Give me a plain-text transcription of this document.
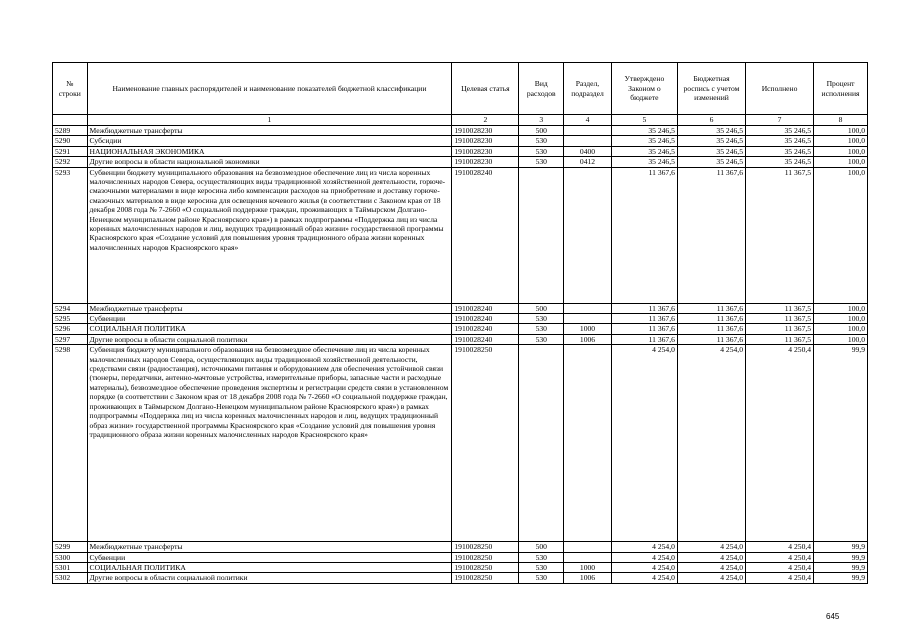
№ строки	Наименование главных распорядителей и наименование показателей бюджетной классификации	Целевая статья	Вид расходов	Раздел, подраздел	Утверждено Законом о бюджете	Бюджетная роспись с учетом изменений	Исполнено	Процент исполнения
	1	2	3	4	5	6	7	8
5289	Межбюджетные трансферты	1910028230	500		35 246,5	35 246,5	35 246,5	100,0
5290	Субсидии	1910028230	530		35 246,5	35 246,5	35 246,5	100,0
5291	НАЦИОНАЛЬНАЯ ЭКОНОМИКА	1910028230	530	0400	35 246,5	35 246,5	35 246,5	100,0
5292	Другие вопросы в области национальной экономики	1910028230	530	0412	35 246,5	35 246,5	35 246,5	100,0
5293	Субвенции бюджету муниципального образования на безвозмездное обеспечение лиц из числа коренных малочисленных народов Севера, осуществляющих виды традиционной хозяйственной деятельности, горюче-смазочными материалами в виде керосина либо компенсации расходов на приобретение и доставку горюче-смазочных материалов в виде керосина для освещения кочевого жилья (в соответствии с Законом края от 18 декабря 2008 года № 7-2660 «О социальной поддержке граждан, проживающих в Таймырском Долгано-Ненецком муниципальном районе Красноярского края») в рамках подпрограммы «Поддержка лиц из числа коренных малочисленных народов и лиц, ведущих традиционный образ жизни» государственной программы Красноярского края «Создание условий для повышения уровня традиционного образа жизни коренных малочисленных народов Красноярского края»	1910028240			11 367,6	11 367,6	11 367,5	100,0
5294	Межбюджетные трансферты	1910028240	500		11 367,6	11 367,6	11 367,5	100,0
5295	Субвенции	1910028240	530		11 367,6	11 367,6	11 367,5	100,0
5296	СОЦИАЛЬНАЯ ПОЛИТИКА	1910028240	530	1000	11 367,6	11 367,6	11 367,5	100,0
5297	Другие вопросы в области социальной политики	1910028240	530	1006	11 367,6	11 367,6	11 367,5	100,0
5298	Субвенция бюджету муниципального образования на безвозмездное обеспечение лиц из числа коренных малочисленных народов Севера, осуществляющих виды традиционной хозяйственной деятельности, средствами связи (радиостанция), источниками питания и оборудованием для обеспечения устойчивой связи (тюнеры, передатчики, антенно-мачтовые устройства, измерительные приборы, запасные части и расходные материалы), безвозмездное обеспечение проведения экспертизы и регистрации средств связи в установленном порядке (в соответствии с Законом края от 18 декабря 2008 года № 7-2660 «О социальной поддержке граждан, проживающих в Таймырском Долгано-Ненецком муниципальном районе Красноярского края») в рамках подпрограммы «Поддержка лиц из числа коренных малочисленных народов и лиц, ведущих традиционный образ жизни» государственной программы Красноярского края «Создание условий для повышения уровня традиционного образа жизни коренных малочисленных народов Красноярского края»	1910028250			4 254,0	4 254,0	4 250,4	99,9
5299	Межбюджетные трансферты	1910028250	500		4 254,0	4 254,0	4 250,4	99,9
5300	Субвенции	1910028250	530		4 254,0	4 254,0	4 250,4	99,9
5301	СОЦИАЛЬНАЯ ПОЛИТИКА	1910028250	530	1000	4 254,0	4 254,0	4 250,4	99,9
5302	Другие вопросы в области социальной политики	1910028250	530	1006	4 254,0	4 254,0	4 250,4	99,9
645
